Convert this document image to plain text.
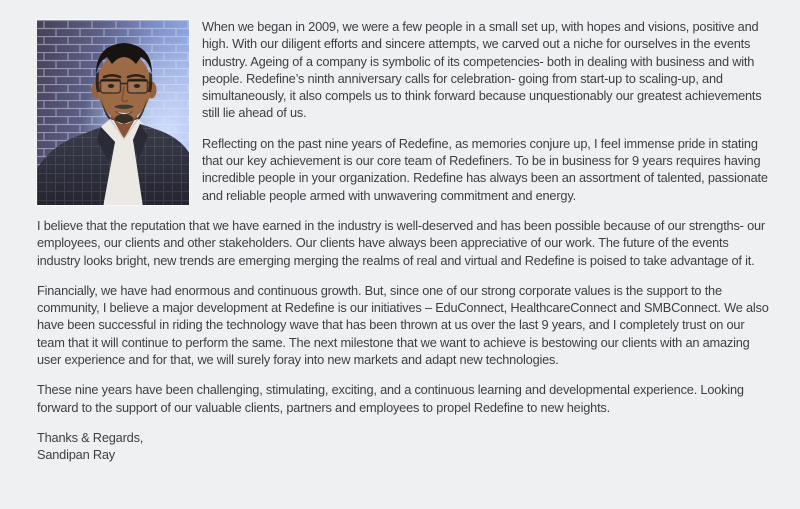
When we began in 2009, we were a few people in a small set up, with hopes and visions, positive and high. With our diligent efforts and sincere attempts, we carved out a niche for ourselves in the events industry. Ageing of a company is symbolic of its competencies- both in dealing with business and with people. Redefine’s ninth anniversary calls for celebration- going from start-up to scaling-up, and simultaneously, it also compels us to think forward because unquestionably our greatest achievements still lie ahead of us.

Reflecting on the past nine years of Redefine, as memories conjure up, I feel immense pride in stating that our key achievement is our core team of Redefiners. To be in business for 9 years requires having incredible people in your organization. Redefine has always been an assortment of talented, passionate and reliable people armed with unwavering commitment and energy.

I believe that the reputation that we have earned in the industry is well-deserved and has been possible because of our strengths- our employees, our clients and other stakeholders. Our clients have always been appreciative of our work. The future of the events industry looks bright, new trends are emerging merging the realms of real and virtual and Redefine is poised to take advantage of it.

Financially, we have had enormous and continuous growth. But, since one of our strong corporate values is the support to the community, I believe a major development at Redefine is our initiatives – EduConnect, HealthcareConnect and SMBConnect. We also have been successful in riding the technology wave that has been thrown at us over the last 9 years, and I completely trust on our team that it will continue to perform the same. The next milestone that we want to achieve is bestowing our clients with an amazing user experience and for that, we will surely foray into new markets and adapt new technologies.

These nine years have been challenging, stimulating, exciting, and a continuous learning and developmental experience. Looking forward to the support of our valuable clients, partners and employees to propel Redefine to new heights.

Thanks & Regards,
Sandipan Ray
